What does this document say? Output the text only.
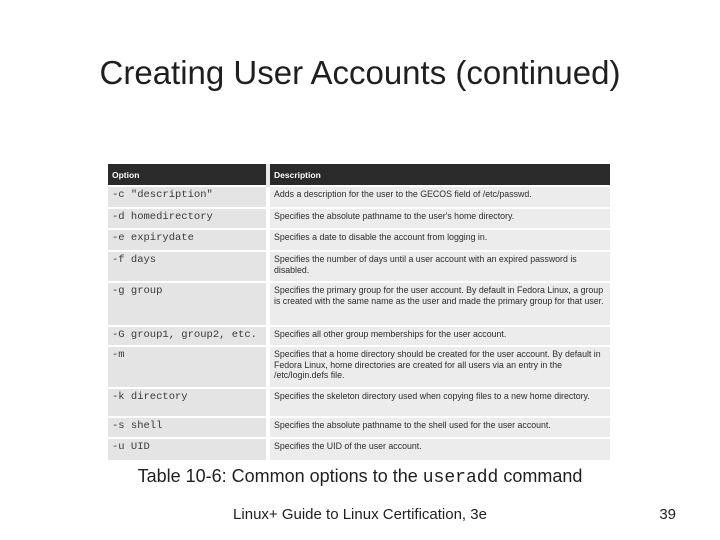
Creating User Accounts (continued)
Option	Description
-c "description"	Adds a description for the user to the GECOS field of /etc/passwd.
-d homedirectory	Specifies the absolute pathname to the user's home directory.
-e expirydate	Specifies a date to disable the account from logging in.
-f days	Specifies the number of days until a user account with an expired password is disabled.
-g group	Specifies the primary group for the user account. By default in Fedora Linux, a group is created with the same name as the user and made the primary group for that user.
-G group1, group2, etc.	Specifies all other group memberships for the user account.
-m	Specifies that a home directory should be created for the user account. By default in Fedora Linux, home directories are created for all users via an entry in the /etc/login.defs file.
-k directory	Specifies the skeleton directory used when copying files to a new home directory.
-s shell	Specifies the absolute pathname to the shell used for the user account.
-u UID	Specifies the UID of the user account.
Table 10-6: Common options to the useradd command
Linux+ Guide to Linux Certification, 3e	39
